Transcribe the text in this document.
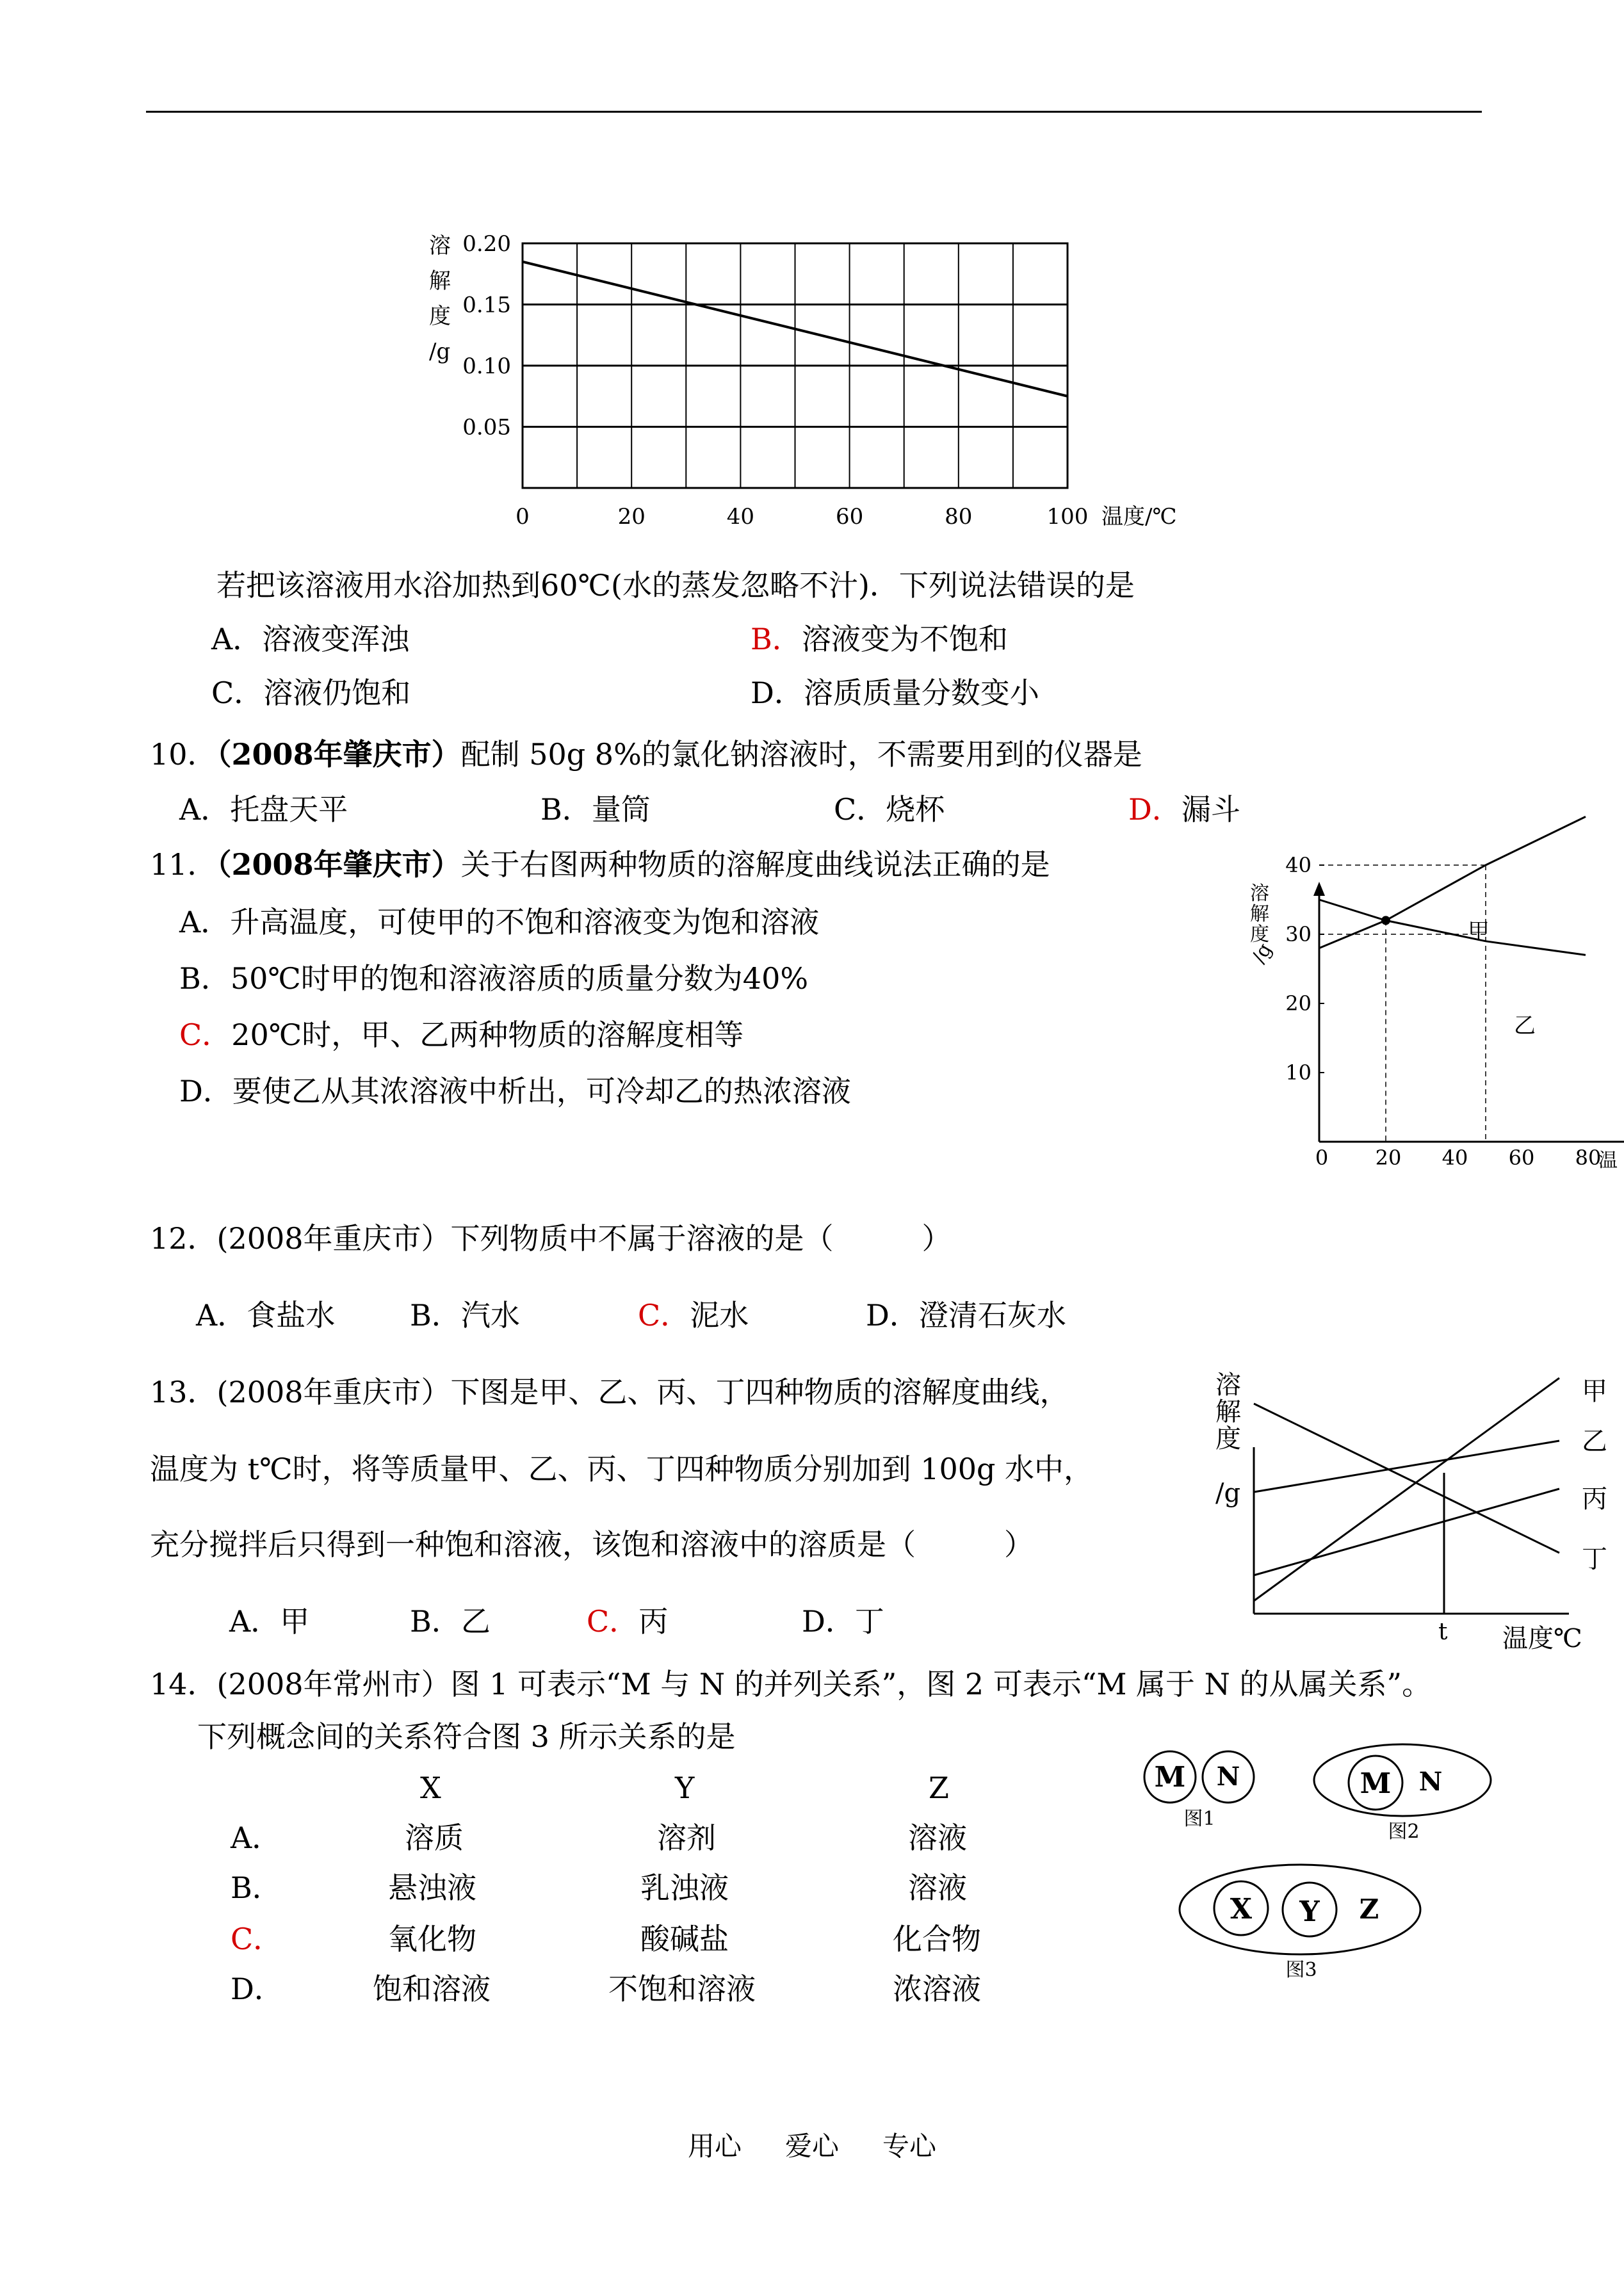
溶
解
度
/g
0.20
0.15
0.10
0.05
0	20	40	60	80	100 温度/℃
若把该溶液用水浴加热到60℃(水的蒸发忽略不汁)．下列说法错误的是
A．溶液变浑浊	B．溶液变为不饱和
C．溶液仍饱和	D．溶质质量分数变小
10．（2008年肇庆市）配制 50g 8%的氯化钠溶液时，不需要用到的仪器是
A．托盘天平	B．量筒	C．烧杯	D．漏斗
11．（2008年肇庆市）关于右图两种物质的溶解度曲线说法正确的是
A．升高温度，可使甲的不饱和溶液变为饱和溶液
B．50℃时甲的饱和溶液溶质的质量分数为40%
C．20℃时，甲、乙两种物质的溶解度相等
D．要使乙从其浓溶液中析出，可冷却乙的热浓溶液
溶
解
度
/g
10
20
30
40
0 20 40 60 80
甲
乙
温
12．(2008年重庆市）下列物质中不属于溶液的是（　　　）
A．食盐水	B．汽水	C．泥水	D．澄清石灰水
13．(2008年重庆市）下图是甲、乙、丙、丁四种物质的溶解度曲线，
温度为 t℃时，将等质量甲、乙、丙、丁四种物质分别加到 100g 水中，
充分搅拌后只得到一种饱和溶液，该饱和溶液中的溶质是（　　　）
A．甲	B．乙	C．丙	D．丁
溶
解
度
/g
甲
乙
丙
丁
t 温度℃
14．(2008年常州市）图 1 可表示“M 与 N 的并列关系”，图 2 可表示“M 属于 N 的从属关系”。
下列概念间的关系符合图 3 所示关系的是
X	Y	Z
A．	溶质	溶剂	溶液
B．	悬浊液	乳浊液	溶液
C．	氧化物	酸碱盐	化合物
D．	饱和溶液	不饱和溶液	浓溶液
M N
图1
M N
图2
X Y Z
图3
用心 爱心 专心
